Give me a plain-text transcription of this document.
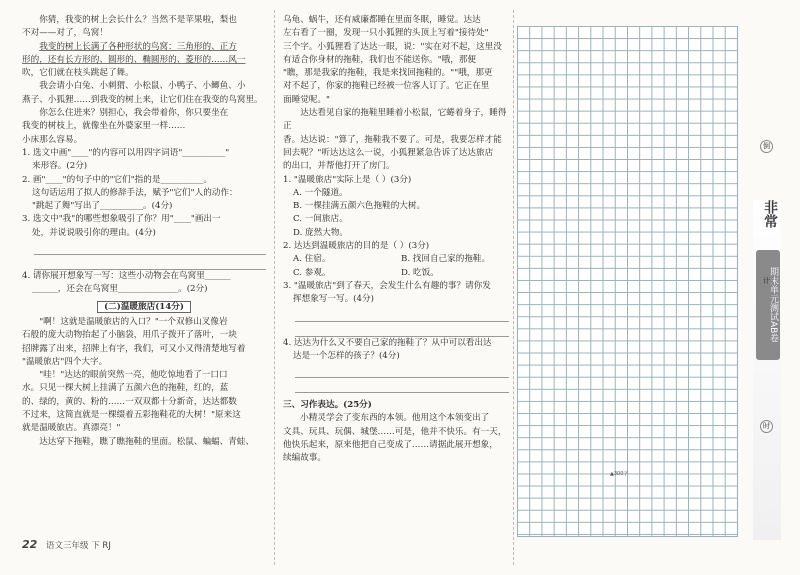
你猜，我变的树上会长什么？当然不是苹果啦，梨也

不对——对了，鸟窝！

我变的树上长满了各种形状的鸟窝：三角形的、正方

形的，还有长方形的、圆形的、椭圆形的、菱形的……风一

吹，它们就在枝头跳起了舞。

我会请小白兔、小刺猬、小松鼠、小鸭子、小鲫鱼、小

燕子、小狐狸……到我变的树上来，让它们住在我变的鸟窝里。

你怎么住进来？别担心，我会带着你，你只要坐在

我变的树枝上，就像坐在外婆家里一样……

小床那么容易。

1. 选文中画"____"的内容可以用四字词语"__________"

来形容。(2分)

2. 画"____"的句子中的"它们"指的是__________。

这句话运用了拟人的修辞手法，赋予"它们"人的动作：

"跳起了舞"写出了__________。(4分)

3. 选文中"我"的哪些想象吸引了你？用"____"画出一

处，并说说吸引你的理由。(4分)

4. 请你展开想象写一写：这些小动物会在鸟窝里______

______，还会在鸟窝里______________。(2分)

(二)温暖旅店(14分)

"啊！这就是温暖旅店的入口？"一个双修山叉像岩

石般的庞大动物抬起了小脑袋，用爪子拨开了落叶，一块

招牌露了出来，招牌上有字，我们，可又小又得清楚地写着

"温暖旅店"四个大字。

"哇！"达达的眼前突然一亮，他吃惊地看了一口口

水。只见一棵大树上挂满了五颜六色的拖鞋，红的，蓝

的、绿的，黄的、粉的……一双双都十分新奇，达达都数

不过来，这简直就是一棵缀着五彩拖鞋花的大树！"原来这

就是温暖旅店。真漂亮！"

达达穿下拖鞋，瞧了瞧拖鞋的里面。松鼠、蝙蝠、青蛙、

乌龟、蜗牛，还有威廉都睡在里面冬眠，睡觉。达达

左右看了一圈，发现一只小狐狸的头顶上写着"接待处"

三个字。小狐狸看了达达一眼，说："实在对不起，这里没

有适合你身材的拖鞋，我们也不能送你。"哦，那便

"瞧，那是我家的拖鞋，我是来找回拖鞋的。""哦，那更

对不起了，你家的拖鞋已经被一位客人订了。它正在里

面睡觉呢。"

达达看见自家的拖鞋里睡着小松鼠，它蜷着身子，睡得正

香。达达说："算了，拖鞋我不要了。可是，我要怎样才能

回去呢？"听达达这么一说，小狐狸紧急告诉了达达旅店

的出口，并帮他打开了房门。

1. "温暖旅店"实际上是（ ）(3分)

A. 一个隧道。

B. 一棵挂满五颜六色拖鞋的大树。

C. 一间旅店。

D. 庞然大物。

2. 达达到温暖旅店的目的是（ ）(3分)

A. 住宿。	B. 找回自己家的拖鞋。
C. 参观。	D. 吃饭。

3. "温暖旅店"到了春天，会发生什么有趣的事？请你发

挥想象写一写。(4分)

4. 达达为什么又不要自己家的拖鞋了？从中可以看出达

达是一个怎样的孩子？(4分)

三、习作表达。(25分)

小精灵学会了变东西的本领。他用这个本领变出了

文具、玩具、玩偶、城堡……可是，他并不快乐。有一天，

他快乐起来，原来他把自己变成了……请据此展开想象，

续编故事。

▲300字
倒
非常
期末单元测试AB卷
计
时
22 语文三年级 下 RJ
